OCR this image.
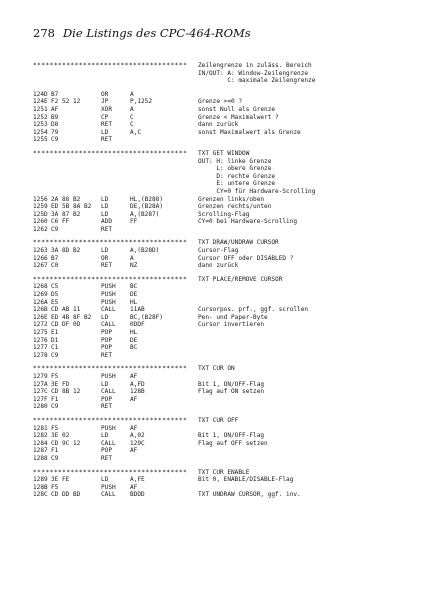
278 Die Listings des CPC-464-ROMs
************************************* Zeilengrenze in zuläss. Bereich
IN/OUT: A: Window-Zeilengrenze
C: maximale Zeilengrenze
124D B7	OR	A
124E F2 52 12	JP	P,1252	Grenze >=0 ?
1251 AF	XOR	A	sonst Null als Grenze
1252 B9	CP	C	Grenze < Maximalwert ?
1253 D8	RET	C	dann zurück
1254 79	LD	A,C	sonst Maximalwert als Grenze
1255 C9	RET
************************************* TXT GET WINDOW
OUT: H: linke Grenze
L: obere Grenze
D: rechte Grenze
E: untere Grenze
CY=0 für Hardware-Scrolling
1256 2A 88 B2	LD	HL,(B288)	Grenzen links/oben
1259 ED 5B 8A B2 LD	DE,(B28A)	Grenzen rechts/unten
125D 3A 87 B2	LD	A,(B287)	Scrolling-Flag
1260 C6 FF	ADD	FF	CY=0 bei Hardware-Scrolling
1262 C9	RET
************************************* TXT DRAW/UNDRAW CURSOR
1263 3A 8D B2	LD	A,(B28D)	Cursor-Flag
1266 B7	OR	A	Cursor OFF oder DISABLED ?
1267 C0	RET	NZ	dann zurück
************************************* TXT PLACE/REMOVE CURSOR
1268 C5	PUSH BC
1269 D5	PUSH DE
126A E5	PUSH HL
126B CD AB 11	CALL 11AB	Cursorpos. prf., ggf. scrollen
126E ED 4B 8F B2 LD	BC,(B28F)	Pen- und Paper-Byte
1272 CD DF 0D	CALL 0DDF	Cursor invertieren
1275 E1	POP	HL
1276 D1	POP	DE
1277 C1	POP	BC
1278 C9	RET
************************************* TXT CUR ON
1279 F5	PUSH AF
127A 3E FD	LD	A,FD	Bit 1, ON/OFF-Flag
127C CD 8B 12	CALL 128B	Flag auf ON setzen
127F F1	POP	AF
1280 C9	RET
************************************* TXT CUR OFF
1281 F5	PUSH AF
1282 3E 02	LD	A,02	Bit 1, ON/OFF-Flag
1284 CD 9C 12	CALL 129C	Flag auf OFF setzen
1287 F1	POP	AF
1288 C9	RET
************************************* TXT CUR ENABLE
1289 3E FE	LD	A,FE	Bit 0, ENABLE/DISABLE-Flag
128B F5	PUSH AF
128C CD DD BD	CALL BDDD	TXT UNDRAW CURSOR, ggf. inv.
